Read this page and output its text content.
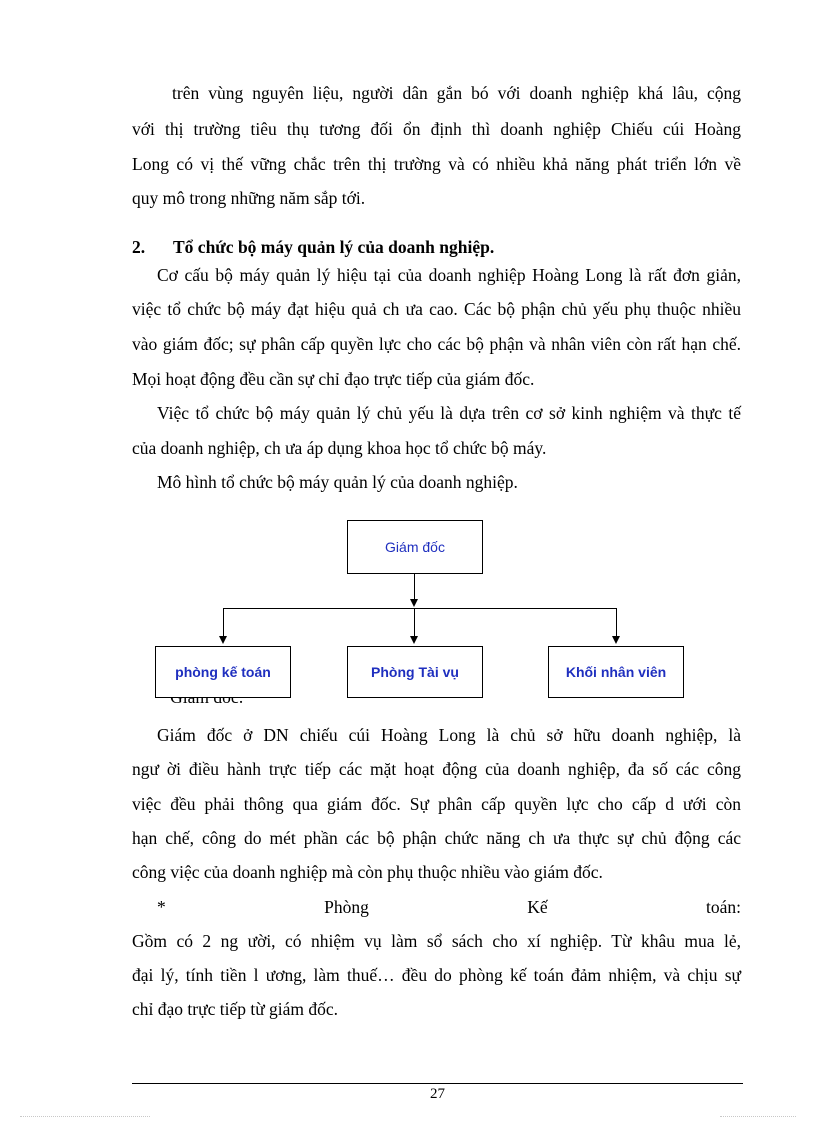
trên vùng nguyên liệu, người dân gắn bó với doanh nghiệp khá lâu, cộng
với thị trường tiêu thụ tương đối ổn định thì doanh nghiệp Chiếu cúi Hoàng
Long có vị thế vững chắc trên thị trường và có nhiều khả năng phát triển lớn về
quy mô trong những năm sắp tới.
2. Tổ chức bộ máy quản lý của doanh nghiệp.
Cơ cấu bộ máy quản lý hiệu tại của doanh nghiệp Hoàng Long là rất đơn giản,
việc tổ chức bộ máy đạt hiệu quả ch ưa cao. Các bộ phận chủ yếu phụ thuộc nhiều
vào giám đốc; sự phân cấp quyền lực cho các bộ phận và nhân viên còn rất hạn chế.
Mọi hoạt động đều cần sự chỉ đạo trực tiếp của giám đốc.
Việc tổ chức bộ máy quản lý chủ yếu là dựa trên cơ sở kinh nghiệm và thực tế
của doanh nghiệp, ch ưa áp dụng khoa học tổ chức bộ máy.
Mô hình tổ chức bộ máy quản lý của doanh nghiệp.
Giám đốc
phòng kế toán	Phòng Tài vụ	Khối nhân viên
Giám đốc ở DN chiếu cúi Hoàng Long là chủ sở hữu doanh nghiệp, là
ngư ời điều hành trực tiếp các mặt hoạt động của doanh nghiệp, đa số các công
việc đều phải thông qua giám đốc. Sự phân cấp quyền lực cho cấp d ưới còn
hạn chế, công do mét phần các bộ phận chức năng ch ưa thực sự chủ động các
công việc của doanh nghiệp mà còn phụ thuộc nhiều vào giám đốc.
*	Phòng	Kế	toán:
Gồm có 2 ng ười, có nhiệm vụ làm sổ sách cho xí nghiệp. Từ khâu mua lẻ,
đại lý, tính tiền l ương, làm thuế… đều do phòng kế toán đảm nhiệm, và chịu sự
chỉ đạo trực tiếp từ giám đốc.
27
